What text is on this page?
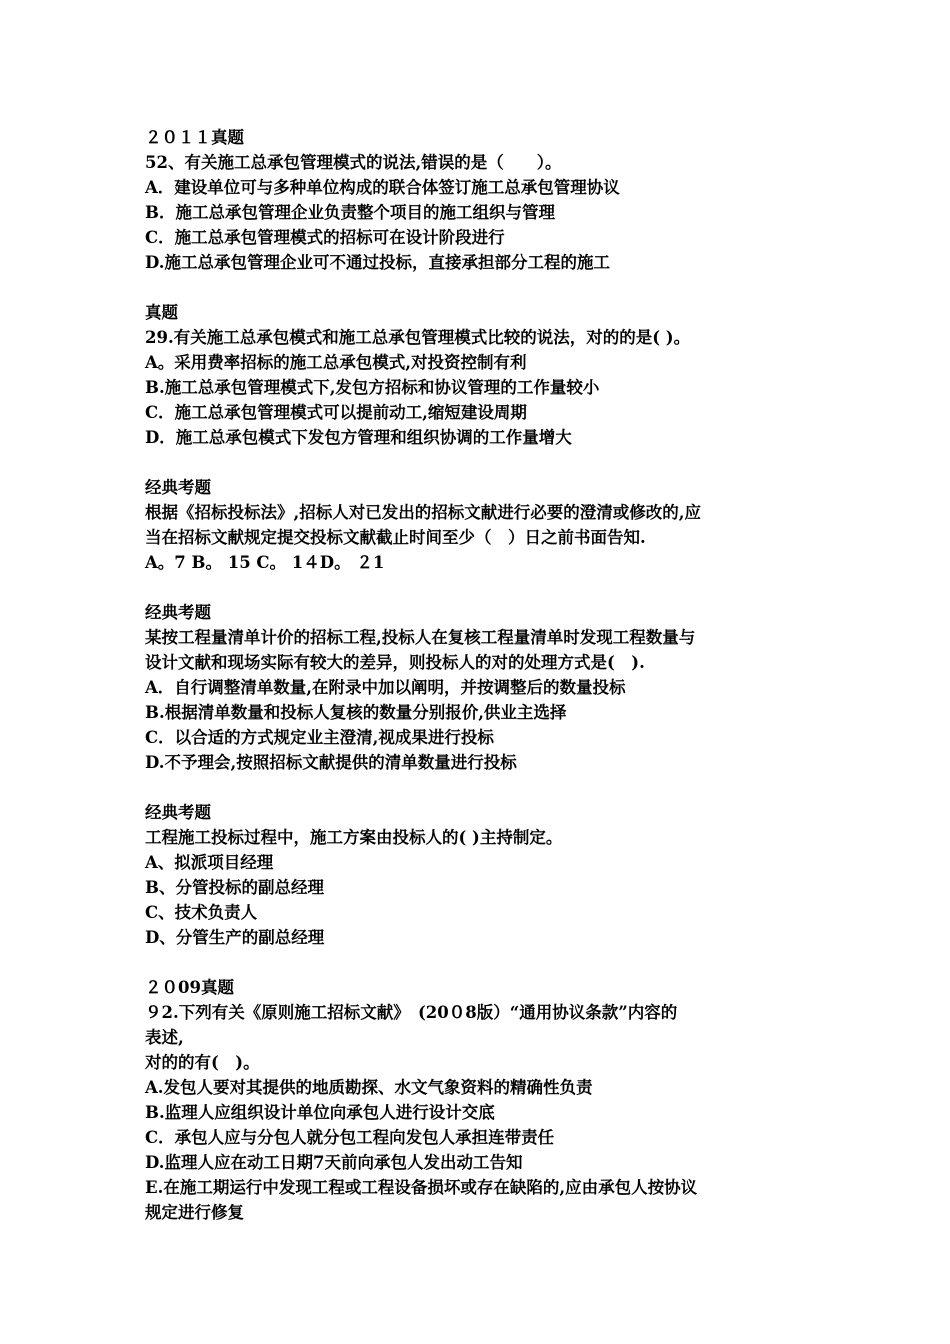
２０１１真题
52、有关施工总承包管理模式的说法,错误的是（　　）。
A．建设单位可与多种单位构成的联合体签订施工总承包管理协议
B．施工总承包管理企业负责整个项目的施工组织与管理
C．施工总承包管理模式的招标可在设计阶段进行
D.施工总承包管理企业可不通过投标，直接承担部分工程的施工
真题
29.有关施工总承包模式和施工总承包管理模式比较的说法，对的的是( )。
A。采用费率招标的施工总承包模式,对投资控制有利
B.施工总承包管理模式下,发包方招标和协议管理的工作量较小
C．施工总承包管理模式可以提前动工,缩短建设周期
D．施工总承包模式下发包方管理和组织协调的工作量增大
经典考题
根据《招标投标法》,招标人对已发出的招标文献进行必要的澄清或修改的,应
当在招标文献规定提交投标文献截止时间至少（　）日之前书面告知.
A。7 B。 15 C。 1４D。 ２1
经典考题
某按工程量清单计价的招标工程,投标人在复核工程量清单时发现工程数量与
设计文献和现场实际有较大的差异，则投标人的对的处理方式是(　).
A．自行调整清单数量,在附录中加以阐明，并按调整后的数量投标
B.根据清单数量和投标人复核的数量分别报价,供业主选择
C．以合适的方式规定业主澄清,视成果进行投标
D.不予理会,按照招标文献提供的清单数量进行投标
经典考题
工程施工投标过程中，施工方案由投标人的( )主持制定。
A、拟派项目经理
B、分管投标的副总经理
C、技术负责人
D、分管生产的副总经理
２０09真题
９2.下列有关《原则施工招标文献》　(20０8版）“通用协议条款”内容的
表述,
对的的有(　)。
A.发包人要对其提供的地质勘探、水文气象资料的精确性负责
B.监理人应组织设计单位向承包人进行设计交底
C．承包人应与分包人就分包工程向发包人承担连带责任
D.监理人应在动工日期7天前向承包人发出动工告知
E.在施工期运行中发现工程或工程设备损坏或存在缺陷的,应由承包人按协议
规定进行修复
